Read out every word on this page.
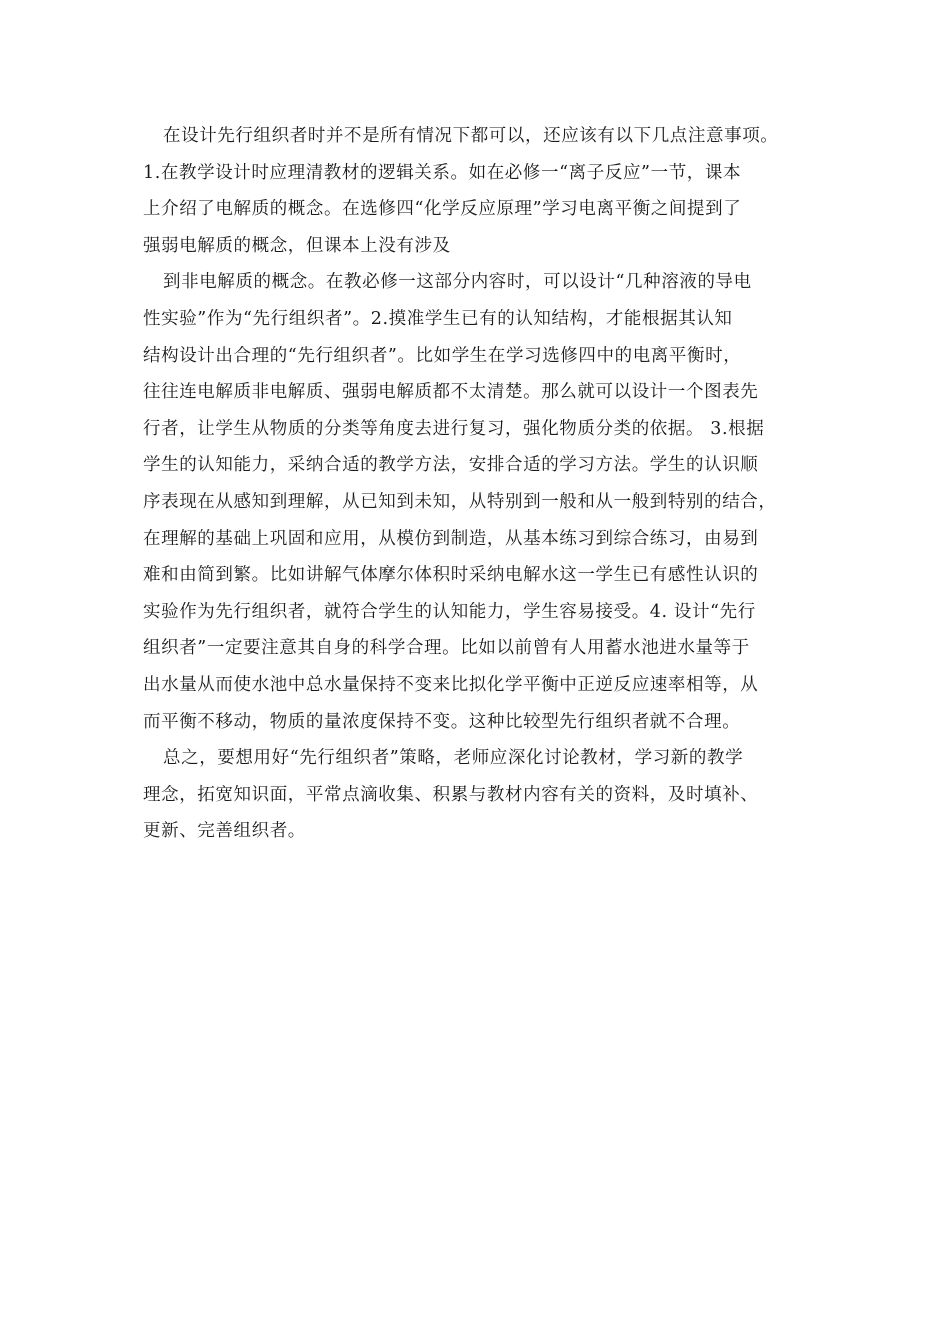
在设计先行组织者时并不是所有情况下都可以，还应该有以下几点注意事项。
1.在教学设计时应理清教材的逻辑关系。如在必修一“离子反应”一节，课本
上介绍了电解质的概念。在选修四“化学反应原理”学习电离平衡之间提到了
强弱电解质的概念，但课本上没有涉及

到非电解质的概念。在教必修一这部分内容时，可以设计“几种溶液的导电
性实验”作为“先行组织者”。2.摸准学生已有的认知结构，才能根据其认知
结构设计出合理的“先行组织者”。比如学生在学习选修四中的电离平衡时，
往往连电解质非电解质、强弱电解质都不太清楚。那么就可以设计一个图表先
行者，让学生从物质的分类等角度去进行复习，强化物质分类的依据。 3.根据
学生的认知能力，采纳合适的教学方法，安排合适的学习方法。学生的认识顺
序表现在从感知到理解，从已知到未知，从特别到一般和从一般到特别的结合，
在理解的基础上巩固和应用，从模仿到制造，从基本练习到综合练习，由易到
难和由简到繁。比如讲解气体摩尔体积时采纳电解水这一学生已有感性认识的
实验作为先行组织者，就符合学生的认知能力，学生容易接受。4. 设计“先行
组织者”一定要注意其自身的科学合理。比如以前曾有人用蓄水池进水量等于
出水量从而使水池中总水量保持不变来比拟化学平衡中正逆反应速率相等，从
而平衡不移动，物质的量浓度保持不变。这种比较型先行组织者就不合理。

总之，要想用好“先行组织者”策略，老师应深化讨论教材，学习新的教学
理念，拓宽知识面，平常点滴收集、积累与教材内容有关的资料，及时填补、
更新、完善组织者。
